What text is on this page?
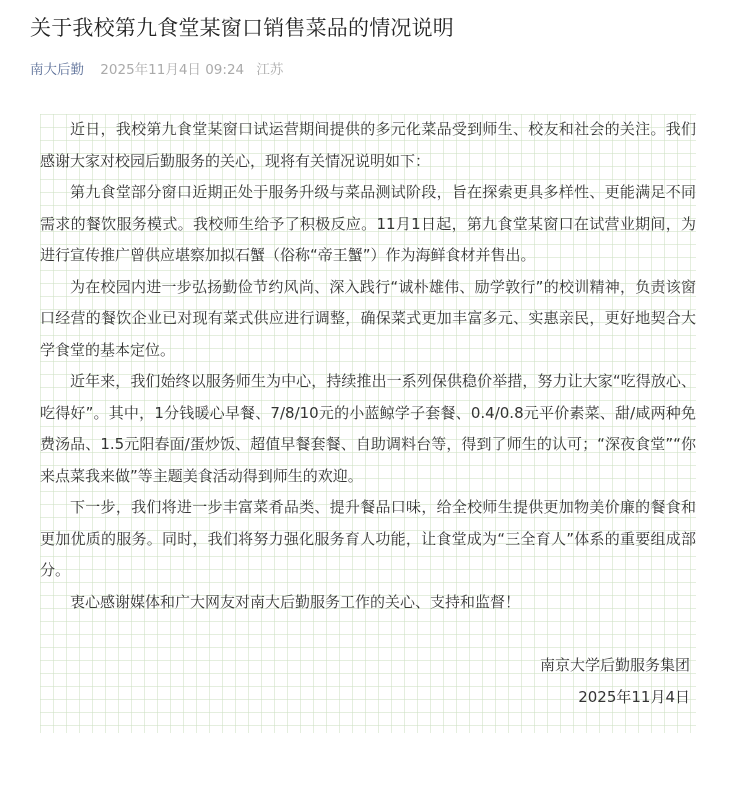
关于我校第九食堂某窗口销售菜品的情况说明
南大后勤 2025年11月4日 09:24 江苏

近日，我校第九食堂某窗口试运营期间提供的多元化菜品受到师生、校友和社会的关注。我们感谢大家对校园后勤服务的关心，现将有关情况说明如下：

第九食堂部分窗口近期正处于服务升级与菜品测试阶段，旨在探索更具多样性、更能满足不同需求的餐饮服务模式。我校师生给予了积极反应。11月1日起，第九食堂某窗口在试营业期间，为进行宣传推广曾供应堪察加拟石蟹（俗称“帝王蟹”）作为海鲜食材并售出。

为在校园内进一步弘扬勤俭节约风尚、深入践行“诚朴雄伟、励学敦行”的校训精神，负责该窗口经营的餐饮企业已对现有菜式供应进行调整，确保菜式更加丰富多元、实惠亲民，更好地契合大学食堂的基本定位。

近年来，我们始终以服务师生为中心，持续推出一系列保供稳价举措，努力让大家“吃得放心、吃得好”。其中，1分钱暖心早餐、7/8/10元的小蓝鲸学子套餐、0.4/0.8元平价素菜、甜/咸两种免费汤品、1.5元阳春面/蛋炒饭、超值早餐套餐、自助调料台等，得到了师生的认可；“深夜食堂”“你来点菜我来做”等主题美食活动得到师生的欢迎。

下一步，我们将进一步丰富菜肴品类、提升餐品口味，给全校师生提供更加物美价廉的餐食和更加优质的服务。同时，我们将努力强化服务育人功能，让食堂成为“三全育人”体系的重要组成部分。

衷心感谢媒体和广大网友对南大后勤服务工作的关心、支持和监督！

南京大学后勤服务集团

2025年11月4日
